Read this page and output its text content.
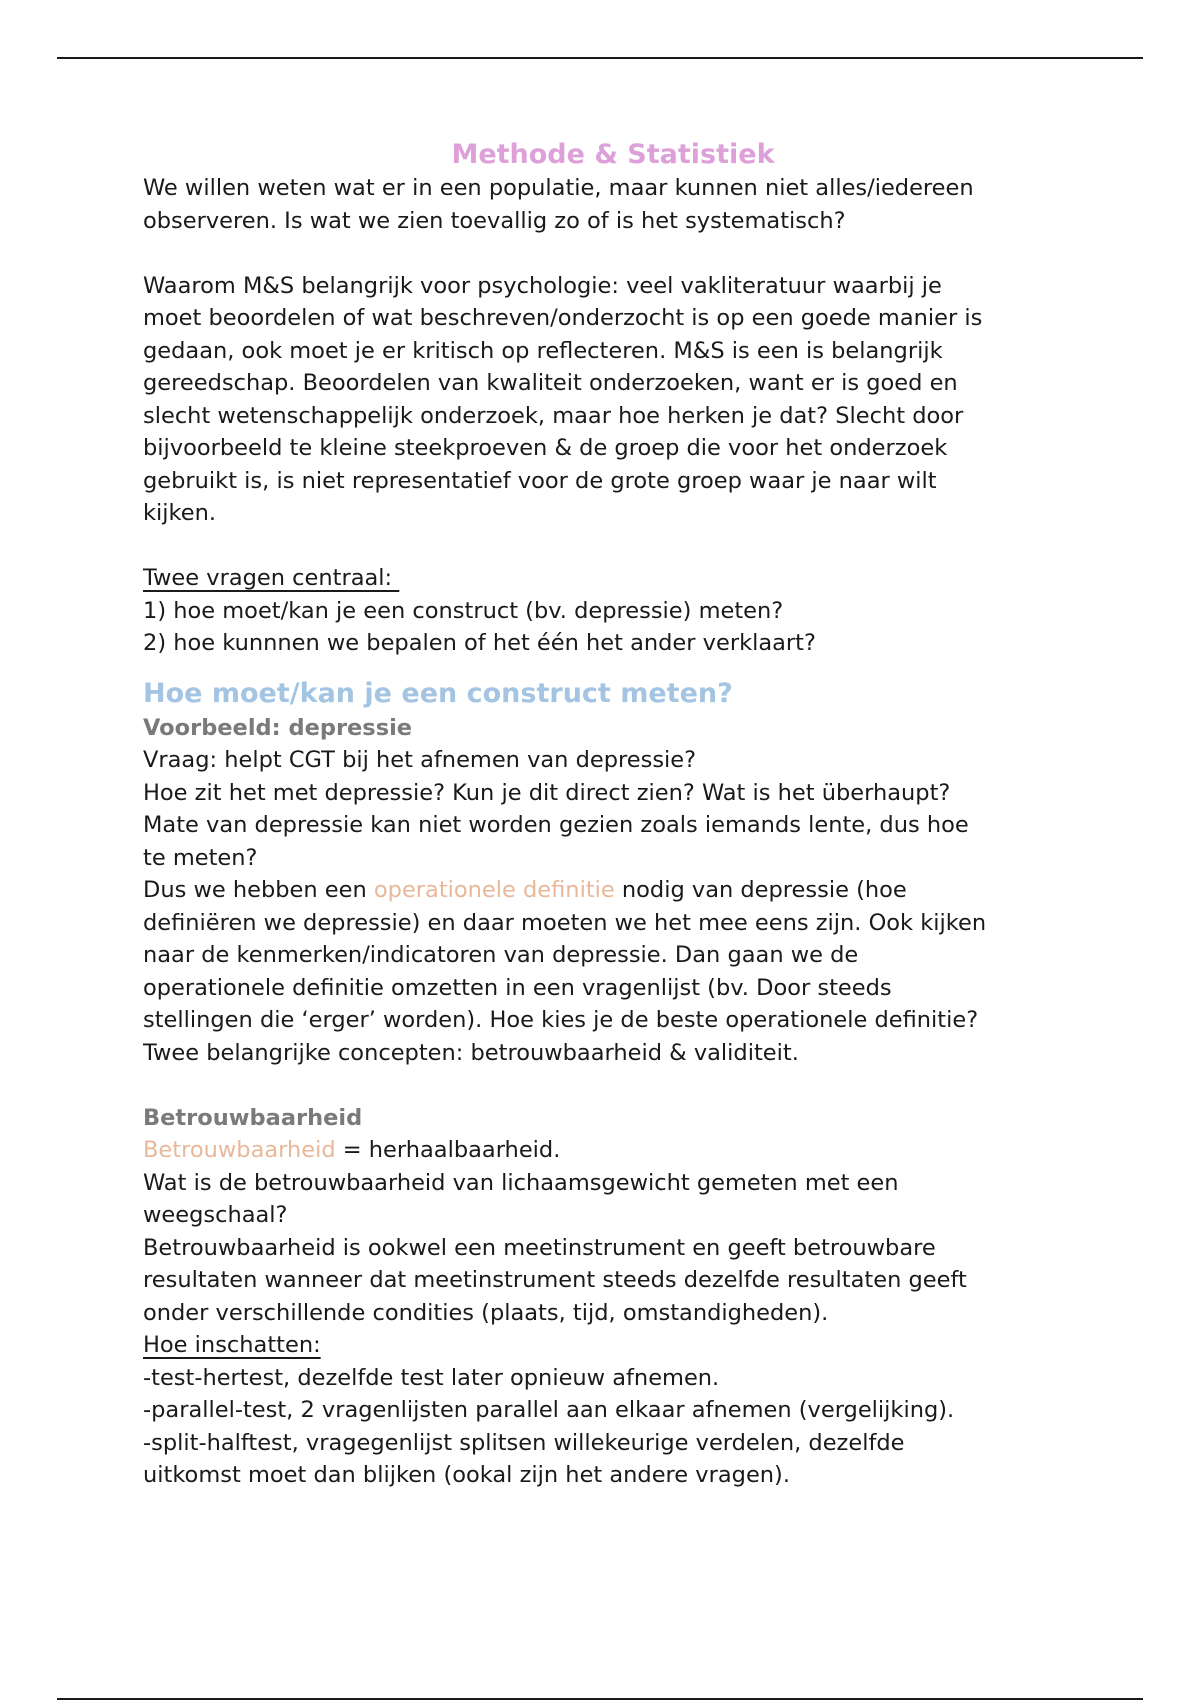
Methode & Statistiek

We willen weten wat er in een populatie, maar kunnen niet alles/iedereen

observeren. Is wat we zien toevallig zo of is het systematisch?

Waarom M&S belangrijk voor psychologie: veel vakliteratuur waarbij je

moet beoordelen of wat beschreven/onderzocht is op een goede manier is

gedaan, ook moet je er kritisch op reflecteren. M&S is een is belangrijk

gereedschap. Beoordelen van kwaliteit onderzoeken, want er is goed en

slecht wetenschappelijk onderzoek, maar hoe herken je dat? Slecht door

bijvoorbeeld te kleine steekproeven & de groep die voor het onderzoek

gebruikt is, is niet representatief voor de grote groep waar je naar wilt

kijken.

Twee vragen centraal:

1) hoe moet/kan je een construct (bv. depressie) meten?

2) hoe kunnnen we bepalen of het één het ander verklaart?

Hoe moet/kan je een construct meten?
Voorbeeld: depressie

Vraag: helpt CGT bij het afnemen van depressie?

Hoe zit het met depressie? Kun je dit direct zien? Wat is het überhaupt?

Mate van depressie kan niet worden gezien zoals iemands lente, dus hoe

te meten?

Dus we hebben een operationele definitie nodig van depressie (hoe

definiëren we depressie) en daar moeten we het mee eens zijn. Ook kijken

naar de kenmerken/indicatoren van depressie. Dan gaan we de

operationele definitie omzetten in een vragenlijst (bv. Door steeds

stellingen die ‘erger’ worden). Hoe kies je de beste operationele definitie?

Twee belangrijke concepten: betrouwbaarheid & validiteit.

Betrouwbaarheid

Betrouwbaarheid = herhaalbaarheid.

Wat is de betrouwbaarheid van lichaamsgewicht gemeten met een

weegschaal?

Betrouwbaarheid is ookwel een meetinstrument en geeft betrouwbare

resultaten wanneer dat meetinstrument steeds dezelfde resultaten geeft

onder verschillende condities (plaats, tijd, omstandigheden).

Hoe inschatten:

-test-hertest, dezelfde test later opnieuw afnemen.

-parallel-test, 2 vragenlijsten parallel aan elkaar afnemen (vergelijking).

-split-halftest, vragegenlijst splitsen willekeurige verdelen, dezelfde

uitkomst moet dan blijken (ookal zijn het andere vragen).
